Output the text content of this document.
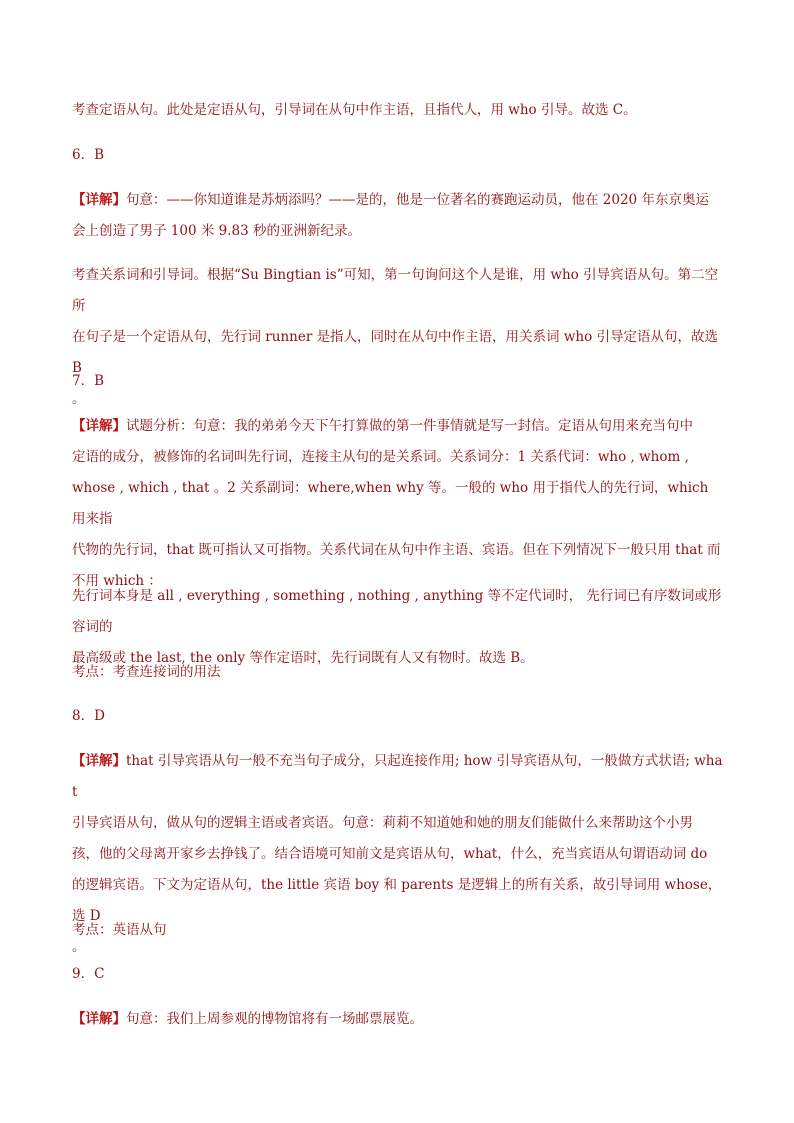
考查定语从句。此处是定语从句，引导词在从句中作主语，且指代人，用 who 引导。故选 C。

6．B

【详解】句意：——你知道谁是苏炳添吗？——是的，他是一位著名的赛跑运动员，他在 2020 年东京奥运
会上创造了男子 100 米 9.83 秒的亚洲新纪录。

考查关系词和引导词。根据“Su Bingtian is”可知，第一句询问这个人是谁，用 who 引导宾语从句。第二空所
在句子是一个定语从句，先行词 runner 是指人，同时在从句中作主语，用关系词 who 引导定语从句，故选 B
。

7．B

【详解】试题分析：句意：我的弟弟今天下午打算做的第一件事情就是写一封信。定语从句用来充当句中
定语的成分，被修饰的名词叫先行词，连接主从句的是关系词。关系词分：1 关系代词：who , whom ,
whose , which , that 。2 关系副词：where,when why 等。一般的 who 用于指代人的先行词，which 用来指
代物的先行词，that 既可指认又可指物。关系代词在从句中作主语、宾语。但在下列情况下一般只用 that 而
不用 which ：

先行词本身是 all , everything , something , nothing , anything 等不定代词时， 先行词已有序数词或形容词的
最高级或 the last, the only 等作定语时，先行词既有人又有物时。故选 B。

考点：考查连接词的用法

8．D

【详解】that 引导宾语从句一般不充当句子成分，只起连接作用; how 引导宾语从句，一般做方式状语; what
引导宾语从句，做从句的逻辑主语或者宾语。句意：莉莉不知道她和她的朋友们能做什么来帮助这个小男
孩，他的父母离开家乡去挣钱了。结合语境可知前文是宾语从句，what，什么，充当宾语从句谓语动词 do
的逻辑宾语。下文为定语从句，the little 宾语 boy 和 parents 是逻辑上的所有关系，故引导词用 whose，选 D
。

考点：英语从句

9．C

【详解】句意：我们上周参观的博物馆将有一场邮票展览。
